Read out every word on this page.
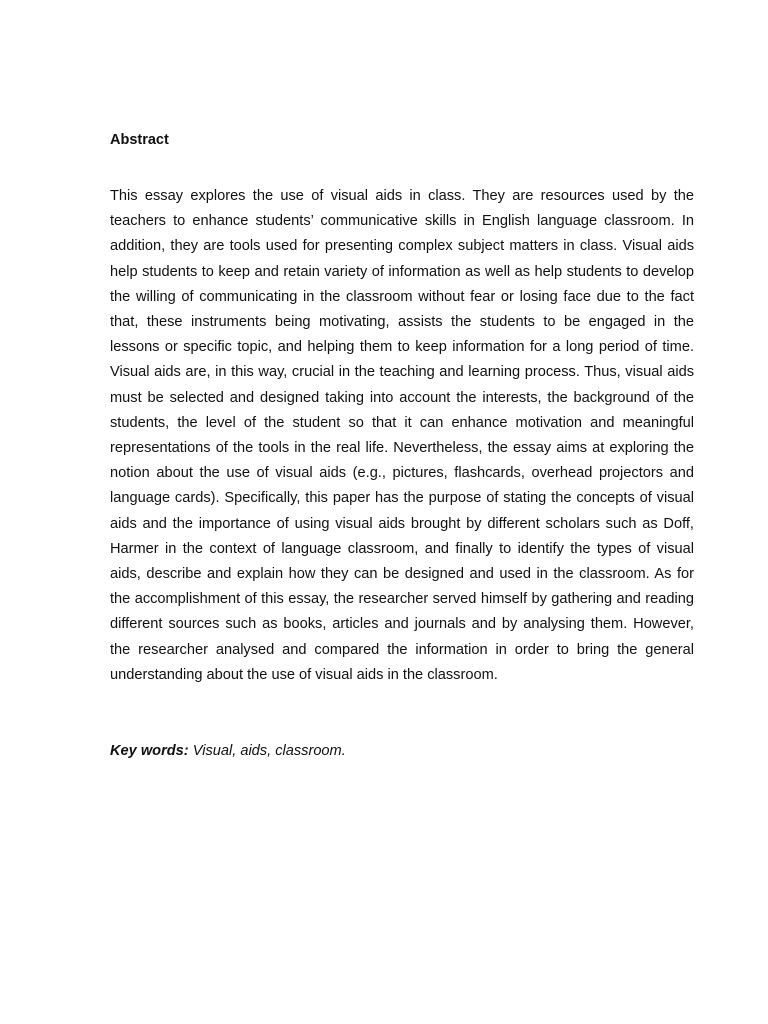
Abstract

This essay explores the use of visual aids in class. They are resources used by the teachers to enhance students’ communicative skills in English language classroom. In addition, they are tools used for presenting complex subject matters in class. Visual aids help students to keep and retain variety of information as well as help students to develop the willing of communicating in the classroom without fear or losing face due to the fact that, these instruments being motivating, assists the students to be engaged in the lessons or specific topic, and helping them to keep information for a long period of time. Visual aids are, in this way, crucial in the teaching and learning process. Thus, visual aids must be selected and designed taking into account the interests, the background of the students, the level of the student so that it can enhance motivation and meaningful representations of the tools in the real life. Nevertheless, the essay aims at exploring the notion about the use of visual aids (e.g., pictures, flashcards, overhead projectors and language cards). Specifically, this paper has the purpose of stating the concepts of visual aids and the importance of using visual aids brought by different scholars such as Doff, Harmer in the context of language classroom, and finally to identify the types of visual aids, describe and explain how they can be designed and used in the classroom. As for the accomplishment of this essay, the researcher served himself by gathering and reading different sources such as books, articles and journals and by analysing them. However, the researcher analysed and compared the information in order to bring the general understanding about the use of visual aids in the classroom.

Key words: Visual, aids, classroom.
